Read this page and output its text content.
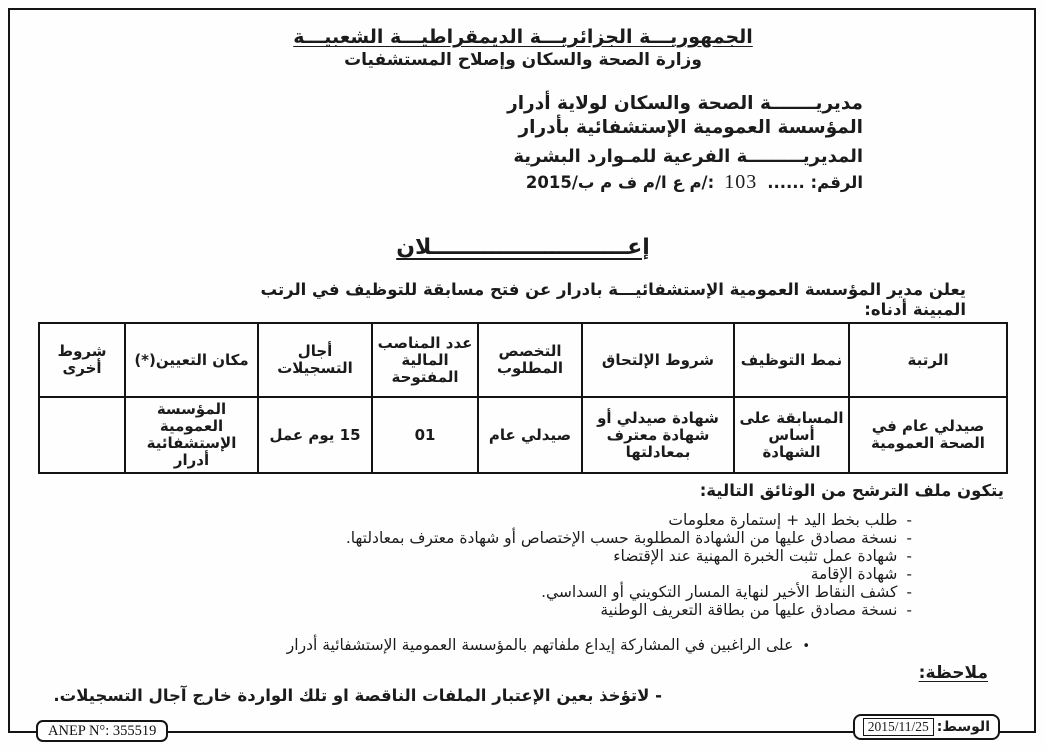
الجمهوريـــة الجزائريـــة الديمقراطيـــة الشعبيـــة
وزارة الصحة والسكان وإصلاح المستشفيات
مديريـــــــة الصحة والسكان لولاية أدرار
المؤسسة العمومية الإستشفائية بأدرار
المديريـــــــــة الفرعية للمـوارد البشرية
الرقم: ......
103
:/م ع ا/م ف م ب/2015
إعــــــــــــــــــــــــــلان

يعلن مدير المؤسسة العمومية الإستشفائيـــة بادرار عن فتح مسابقة للتوظيف في الرتب
المبينة أدناه:

الرتبة	نمط التوظيف	شروط الإلتحاق	التخصص المطلوب	عدد المناصب المالية المفتوحة	أجال التسجيلات	مكان التعيين(*)	شروط أخرى
صيدلي عام في الصحة العمومية	المسابقة على أساس الشهادة	شهادة صيدلي أو شهادة معترف بمعادلتها	صيدلي عام	01	15 يوم عمل	المؤسسة العمومية الإستشفائية أدرار	
يتكون ملف الترشح من الوثائق التالية:
-
طلب بخط اليد + إستمارة معلومات
-
نسخة مصادق عليها من الشهادة المطلوبة حسب الإختصاص أو شهادة معترف بمعادلتها.
-
شهادة عمل تثبت الخبرة المهنية عند الإقتضاء
-
شهادة الإقامة
-
كشف النقاط الأخير لنهاية المسار التكويني أو السداسي.
-
نسخة مصادق عليها من بطاقة التعريف الوطنية
•
على الراغبين في المشاركة إيداع ملفاتهم بالمؤسسة العمومية الإستشفائية أدرار
ملاحظة:
- لاتؤخذ بعين الإعتبار الملفات الناقصة او تلك الواردة خارج آجال التسجيلات.
ANEP N°: 355519	الوسط:
2015/11/25
